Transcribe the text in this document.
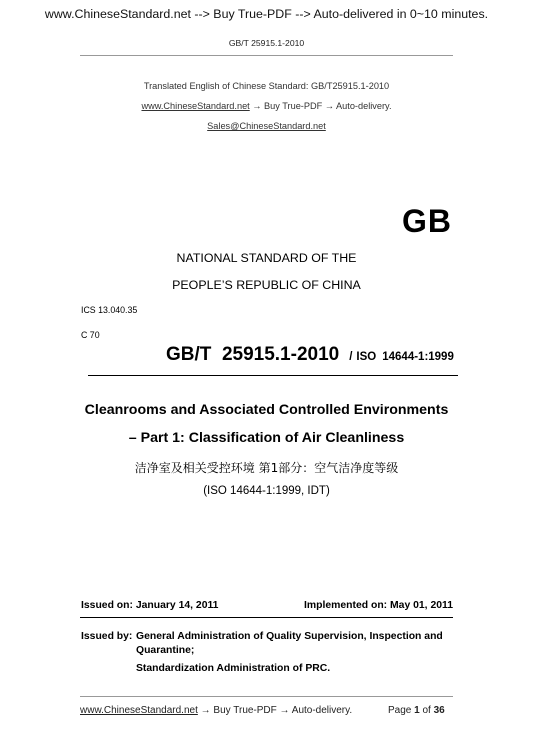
www.ChineseStandard.net --> Buy True-PDF --> Auto-delivered in 0~10 minutes.
GB/T 25915.1-2010
Translated English of Chinese Standard: GB/T25915.1-2010
www.ChineseStandard.net → Buy True-PDF → Auto-delivery.
Sales@ChineseStandard.net
GB
NATIONAL STANDARD OF THE
PEOPLE’S REPUBLIC OF CHINA
ICS 13.040.35
C 70
GB/T  25915.1-2010 / ISO 14644-1:1999
Cleanrooms and Associated Controlled Environments
– Part 1: Classification of Air Cleanliness
洁净室及相关受控环境 第1部分：空气洁净度等级
(ISO 14644-1:1999, IDT)
Issued on: January 14, 2011	Implemented on: May 01, 2011
Issued by: General Administration of Quality Supervision, Inspection and
Quarantine;
Standardization Administration of PRC.
www.ChineseStandard.net → Buy True-PDF → Auto-delivery.	Page 1 of 36
